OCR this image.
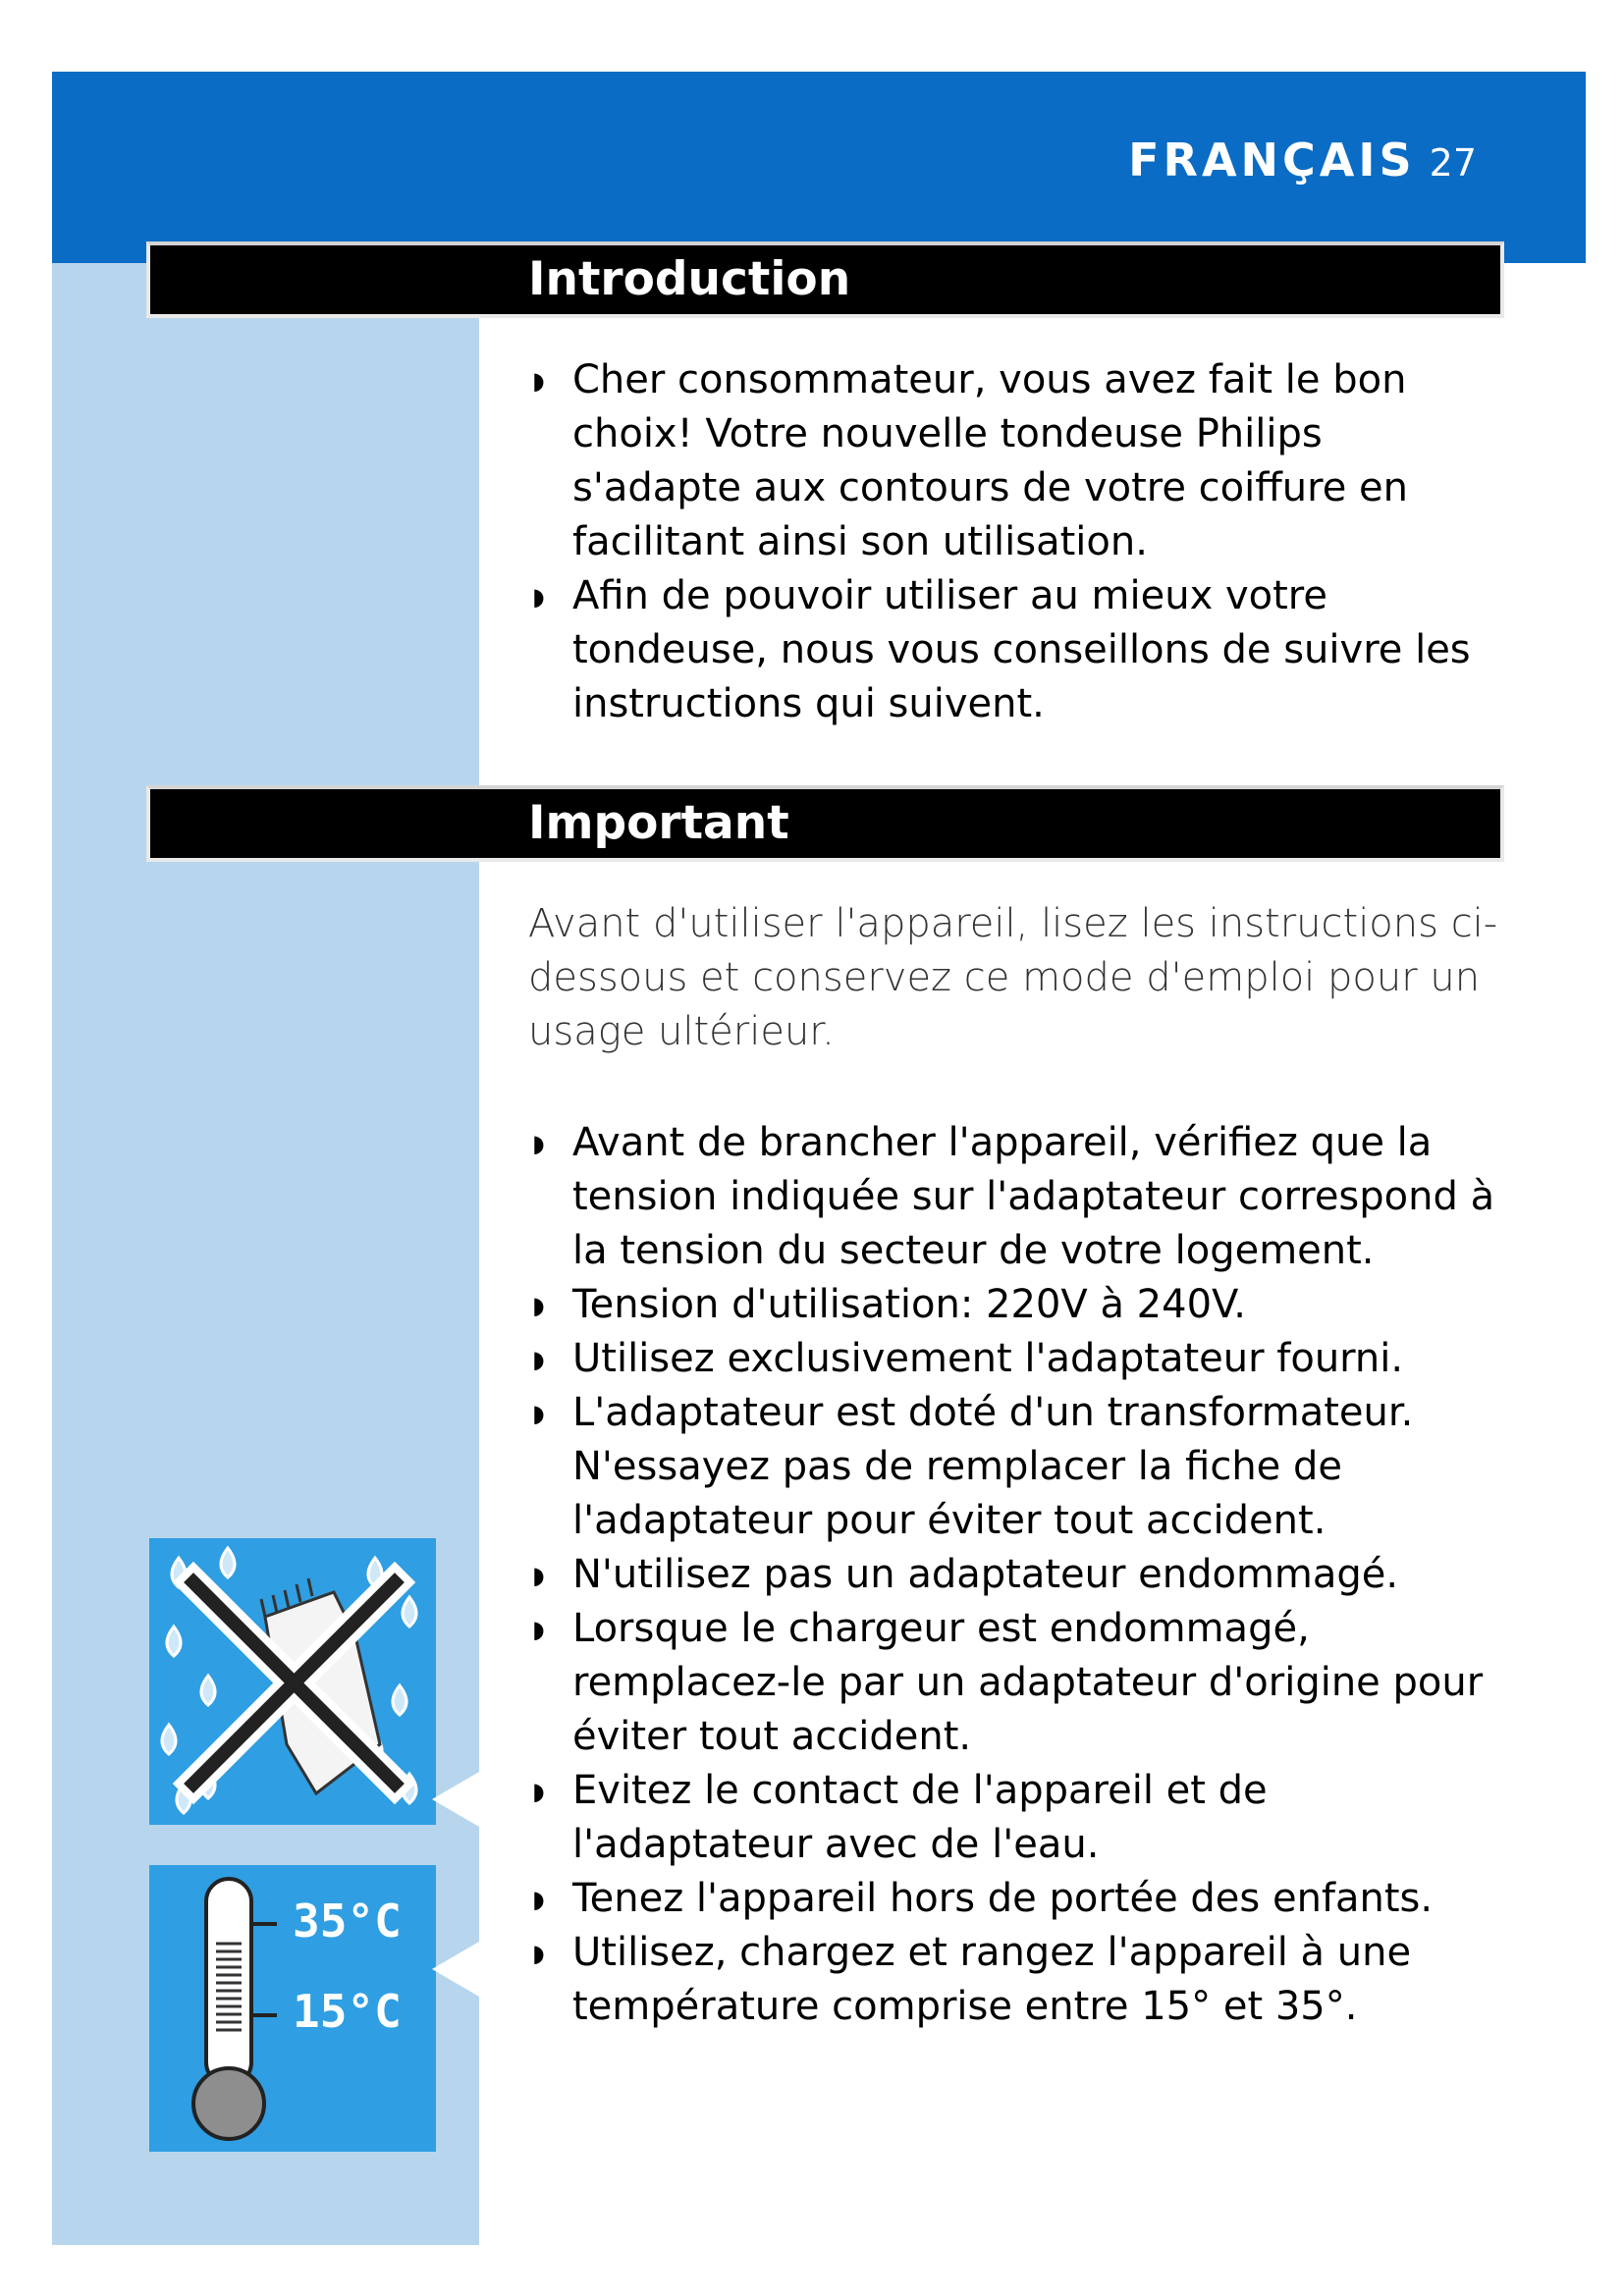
FRANÇAIS 27
Introduction
◗ Cher consommateur, vous avez fait le bon choix! Votre nouvelle tondeuse Philips s'adapte aux contours de votre coiffure en facilitant ainsi son utilisation.
◗ Afin de pouvoir utiliser au mieux votre tondeuse, nous vous conseillons de suivre les instructions qui suivent.
Important

Avant d'utiliser l'appareil, lisez les instructions ci-dessous et conservez ce mode d'emploi pour un usage ultérieur.

◗ Avant de brancher l'appareil, vérifiez que la tension indiquée sur l'adaptateur correspond à la tension du secteur de votre logement.
◗ Tension d'utilisation: 220V à 240V.
◗ Utilisez exclusivement l'adaptateur fourni.
◗ L'adaptateur est doté d'un transformateur. N'essayez pas de remplacer la fiche de l'adaptateur pour éviter tout accident.
◗ N'utilisez pas un adaptateur endommagé.
◗ Lorsque le chargeur est endommagé, remplacez-le par un adaptateur d'origine pour éviter tout accident.
◗ Evitez le contact de l'appareil et de l'adaptateur avec de l'eau.
◗ Tenez l'appareil hors de portée des enfants.
◗ Utilisez, chargez et rangez l'appareil à une température comprise entre 15° et 35°.
35°C
15°C
